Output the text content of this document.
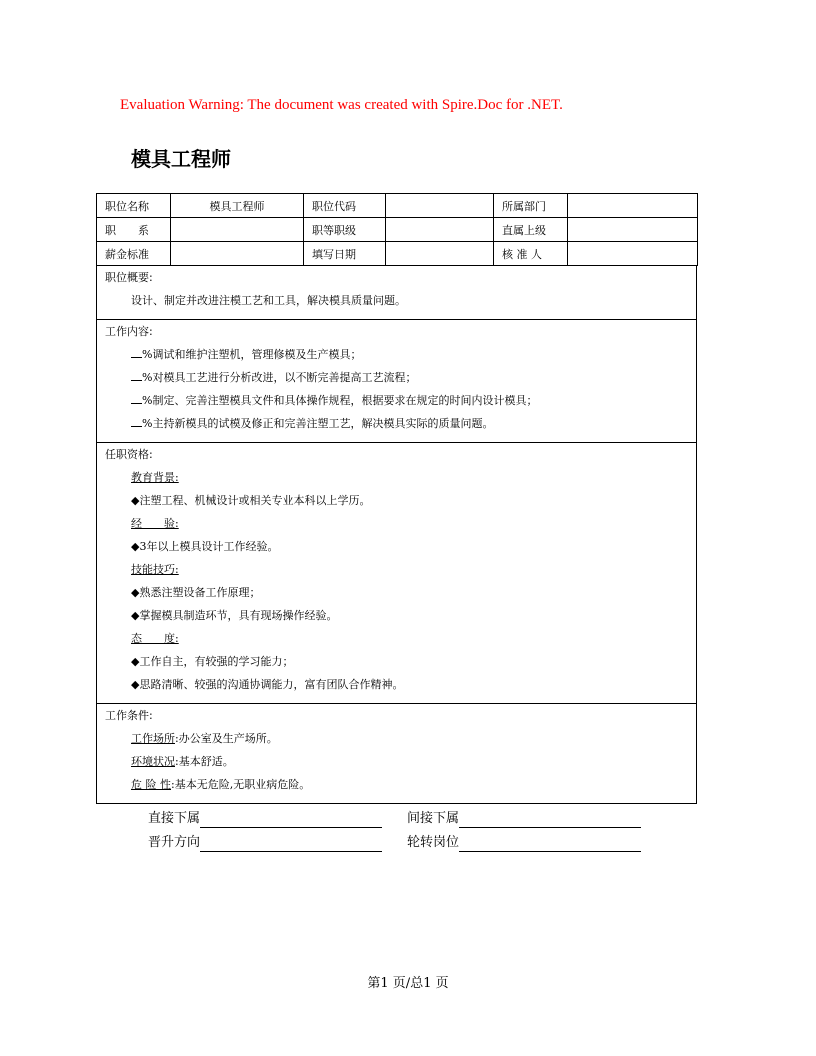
Evaluation Warning: The document was created with Spire.Doc for .NET.
模具工程师
职位名称	模具工程师	职位代码		所属部门	
职　　系		职等职级		直属上级	
薪金标准		填写日期		核 准 人	
职位概要:
设计、制定并改进注模工艺和工具，解决模具质量问题。
工作内容:
%调试和维护注塑机，管理修模及生产模具；
%对模具工艺进行分析改进，以不断完善提高工艺流程；
%制定、完善注塑模具文件和具体操作规程，根据要求在规定的时间内设计模具；
%主持新模具的试模及修正和完善注塑工艺，解决模具实际的质量问题。
任职资格:
教育背景:
◆注塑工程、机械设计或相关专业本科以上学历。
经　　验:
◆3年以上模具设计工作经验。
技能技巧:
◆熟悉注塑设备工作原理；
◆掌握模具制造环节，具有现场操作经验。
态　　度:
◆工作自主，有较强的学习能力；
◆思路清晰、较强的沟通协调能力，富有团队合作精神。
工作条件:
工作场所:办公室及生产场所。
环境状况:基本舒适。
危 险 性:基本无危险,无职业病危险。
直接下属	间接下属
晋升方向	轮转岗位
第1 页/总1 页
